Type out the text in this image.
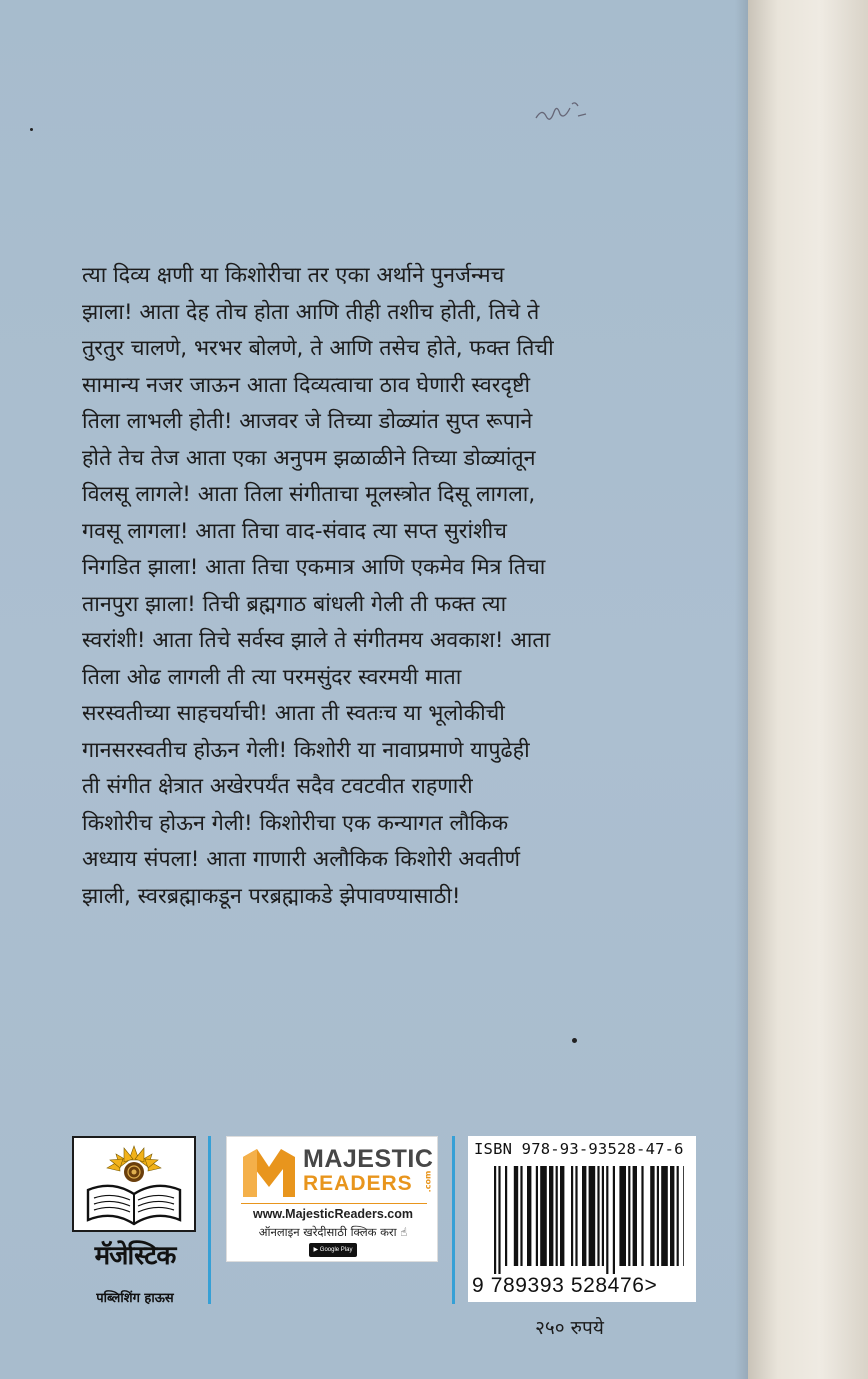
त्या दिव्य क्षणी या किशोरीचा तर एका अर्थाने पुनर्जन्मच

झाला! आता देह तोच होता आणि तीही तशीच होती, तिचे ते

तुरतुर चालणे, भरभर बोलणे, ते आणि तसेच होते, फक्त तिची

सामान्य नजर जाऊन आता दिव्यत्वाचा ठाव घेणारी स्वरदृष्टी

तिला लाभली होती! आजवर जे तिच्या डोळ्यांत सुप्त रूपाने

होते तेच तेज आता एका अनुपम झळाळीने तिच्या डोळ्यांतून

विलसू लागले! आता तिला संगीताचा मूलस्त्रोत दिसू लागला,

गवसू लागला! आता तिचा वाद-संवाद त्या सप्त सुरांशीच

निगडित झाला! आता तिचा एकमात्र आणि एकमेव मित्र तिचा

तानपुरा झाला! तिची ब्रह्मगाठ बांधली गेली ती फक्त त्या

स्वरांशी! आता तिचे सर्वस्व झाले ते संगीतमय अवकाश! आता

तिला ओढ लागली ती त्या परमसुंदर स्वरमयी माता

सरस्वतीच्या साहचर्याची! आता ती स्वतःच या भूलोकीची

गानसरस्वतीच होऊन गेली! किशोरी या नावाप्रमाणे यापुढेही

ती संगीत क्षेत्रात अखेरपर्यंत सदैव टवटवीत राहणारी

किशोरीच होऊन गेली! किशोरीचा एक कन्यागत लौकिक

अध्याय संपला! आता गाणारी अलौकिक किशोरी अवतीर्ण

झाली, स्वरब्रह्माकडून परब्रह्माकडे झेपावण्यासाठी!

मॅजेस्टिक
पब्लिशिंग हाऊस
MAJESTIC
READERS .com
www.MajesticReaders.com
ऑनलाइन खरेदीसाठी क्लिक करा ☝
▶ Google Play
ISBN 978-93-93528-47-6
9 789393 528476>
२५० रुपये
